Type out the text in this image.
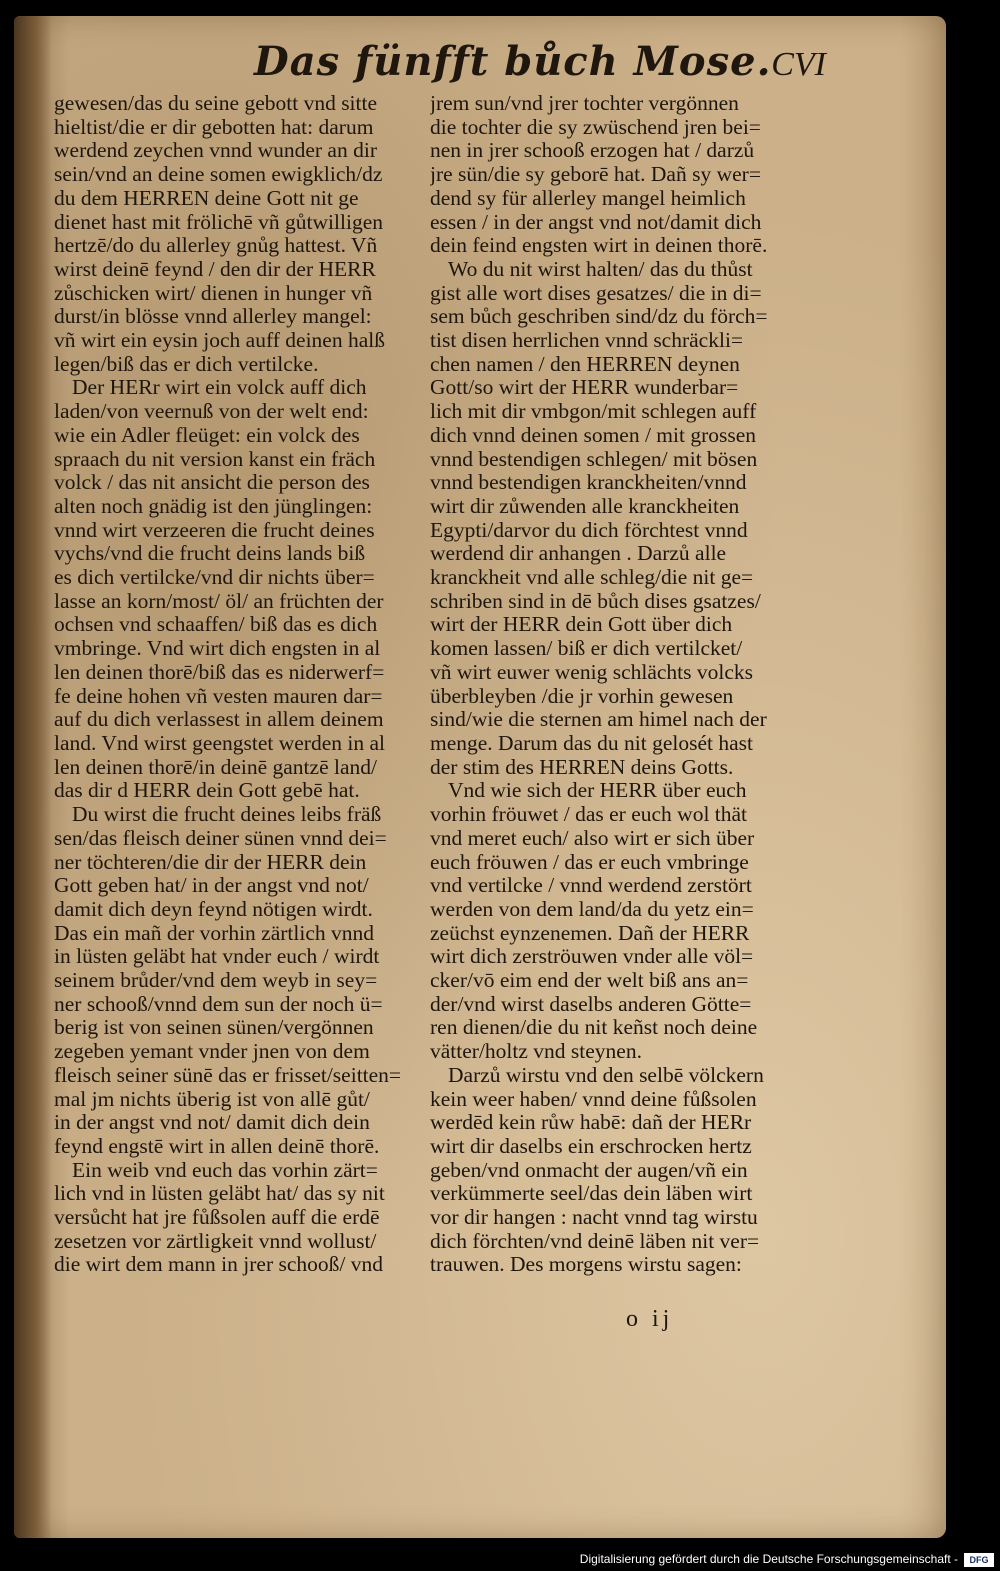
Das fünfft bůch Mose. CVI
gewesen/das du seine gebott vnd sitte
hieltist/die er dir gebotten hat: darum
werdend zeychen vnnd wunder an dir
sein/vnd an deine somen ewigklich/dz
du dem HERREN deine Gott nit ge
dienet hast mit frölichē vñ gůtwilligen
hertzē/do du allerley gnůg hattest. Vñ
wirst deinē feynd / den dir der HERR
zůschicken wirt/ dienen in hunger vñ
durst/in blösse vnnd allerley mangel:
vñ wirt ein eysin joch auff deinen halß
legen/biß das er dich vertilcke.
Der HERr wirt ein volck auff dich
laden/von veernuß von der welt end:
wie ein Adler fleüget: ein volck des
spraach du nit version kanst ein fräch
volck / das nit ansicht die person des
alten noch gnädig ist den jünglingen:
vnnd wirt verzeeren die frucht deines
vychs/vnd die frucht deins lands biß
es dich vertilcke/vnd dir nichts über=
lasse an korn/most/ öl/ an früchten der
ochsen vnd schaaffen/ biß das es dich
vmbringe. Vnd wirt dich engsten in al
len deinen thorē/biß das es niderwerf=
fe deine hohen vñ vesten mauren dar=
auf du dich verlassest in allem deinem
land. Vnd wirst geengstet werden in al
len deinen thorē/in deinē gantzē land/
das dir d HERR dein Gott gebē hat.
Du wirst die frucht deines leibs fräß
sen/das fleisch deiner sünen vnnd dei=
ner töchteren/die dir der HERR dein
Gott geben hat/ in der angst vnd not/
damit dich deyn feynd nötigen wirdt.
Das ein mañ der vorhin zärtlich vnnd
in lüsten geläbt hat vnder euch / wirdt
seinem brůder/vnd dem weyb in sey=
ner schooß/vnnd dem sun der noch ü=
berig ist von seinen sünen/vergönnen
zegeben yemant vnder jnen von dem
fleisch seiner sünē das er frisset/seitten=
mal jm nichts überig ist von allē gůt/
in der angst vnd not/ damit dich dein
feynd engstē wirt in allen deinē thorē.
Ein weib vnd euch das vorhin zärt=
lich vnd in lüsten geläbt hat/ das sy nit
versůcht hat jre fůßsolen auff die erdē
zesetzen vor zärtligkeit vnnd wollust/
die wirt dem mann in jrer schooß/ vnd
jrem sun/vnd jrer tochter vergönnen
die tochter die sy zwüschend jren bei=
nen in jrer schooß erzogen hat / darzů
jre sün/die sy geborē hat. Dañ sy wer=
dend sy für allerley mangel heimlich
essen / in der angst vnd not/damit dich
dein feind engsten wirt in deinen thorē.
Wo du nit wirst halten/ das du thůst
gist alle wort dises gesatzes/ die in di=
sem bůch geschriben sind/dz du förch=
tist disen herrlichen vnnd schräckli=
chen namen / den HERREN deynen
Gott/so wirt der HERR wunderbar=
lich mit dir vmbgon/mit schlegen auff
dich vnnd deinen somen / mit grossen
vnnd bestendigen schlegen/ mit bösen
vnnd bestendigen kranckheiten/vnnd
wirt dir zůwenden alle kranckheiten
Egypti/darvor du dich förchtest vnnd
werdend dir anhangen . Darzů alle
kranckheit vnd alle schleg/die nit ge=
schriben sind in dē bůch dises gsatzes/
wirt der HERR dein Gott über dich
komen lassen/ biß er dich vertilcket/
vñ wirt euwer wenig schlächts volcks
überbleyben /die jr vorhin gewesen
sind/wie die sternen am himel nach der
menge. Darum das du nit gelosét hast
der stim des HERREN deins Gotts.
Vnd wie sich der HERR über euch
vorhin fröuwet / das er euch wol thät
vnd meret euch/ also wirt er sich über
euch fröuwen / das er euch vmbringe
vnd vertilcke / vnnd werdend zerstört
werden von dem land/da du yetz ein=
zeüchst eynzenemen. Dañ der HERR
wirt dich zerströuwen vnder alle völ=
cker/vō eim end der welt biß ans an=
der/vnd wirst daselbs anderen Götte=
ren dienen/die du nit keñst noch deine
vätter/holtz vnd steynen.
Darzů wirstu vnd den selbē völckern
kein weer haben/ vnnd deine fůßsolen
werdēd kein růw habē: dañ der HERr
wirt dir daselbs ein erschrocken hertz
geben/vnd onmacht der augen/vñ ein
verkümmerte seel/das dein läben wirt
vor dir hangen : nacht vnnd tag wirstu
dich förchten/vnd deinē läben nit ver=
trauwen. Des morgens wirstu sagen:
o ij
Digitalisierung gefördert durch die Deutsche Forschungsgemeinschaft -	DFG
